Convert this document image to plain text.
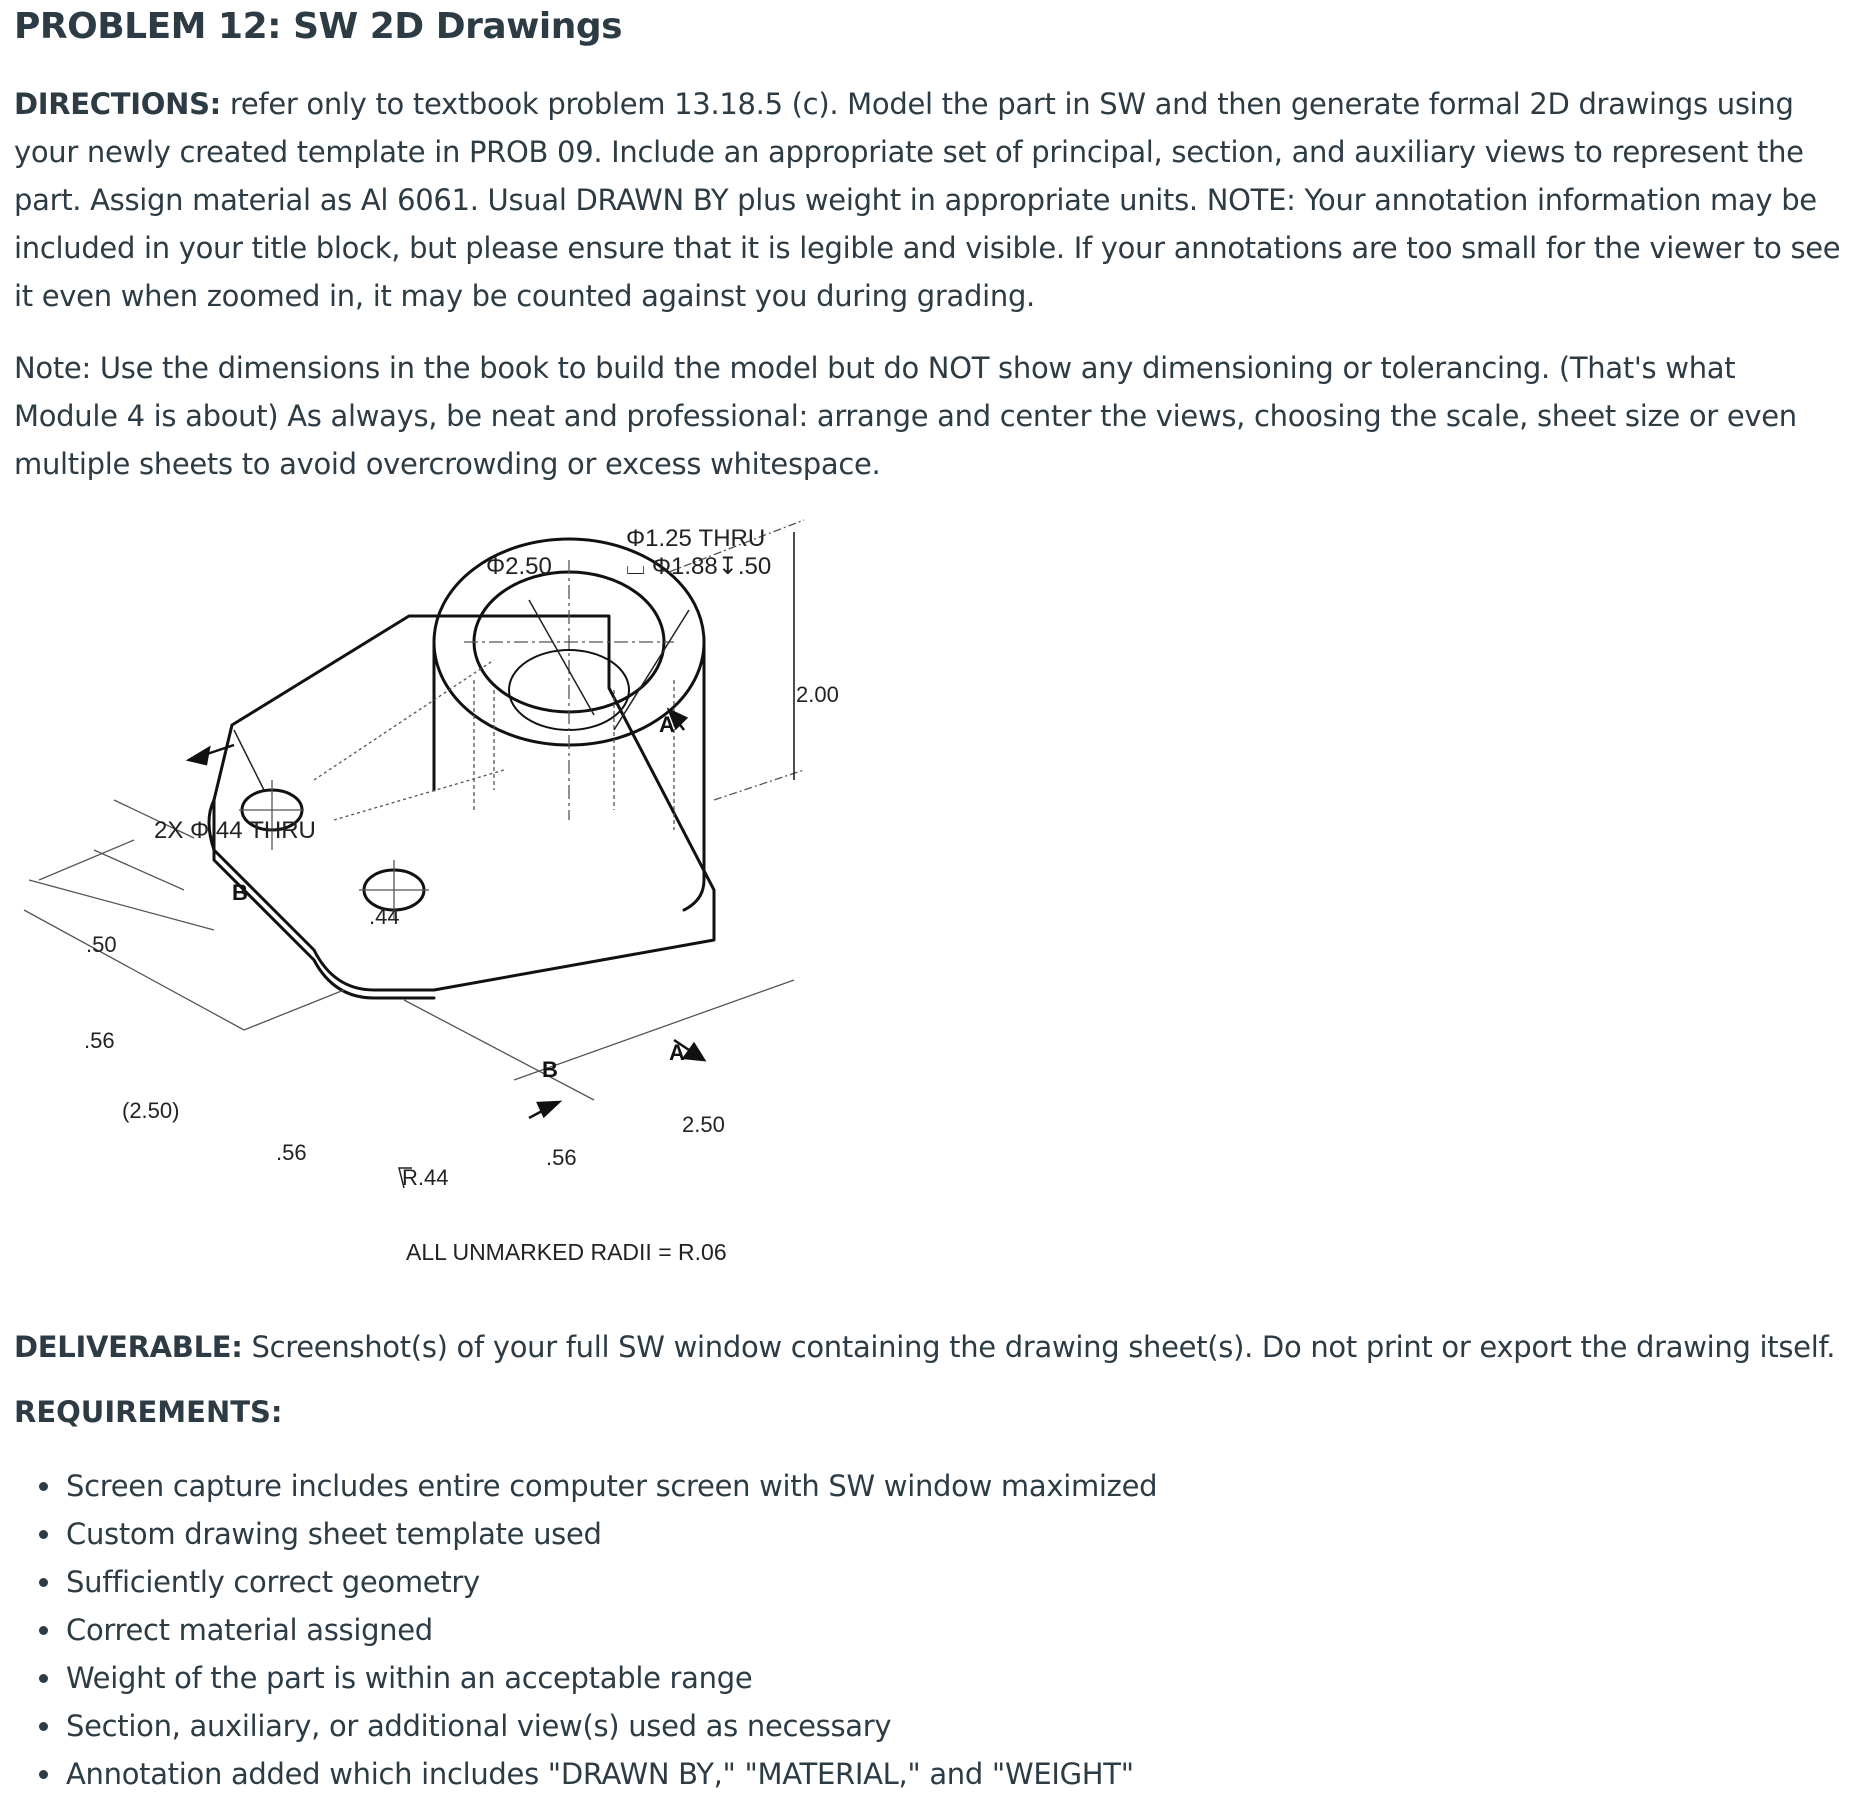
PROBLEM 12: SW 2D Drawings
DIRECTIONS: refer only to textbook problem 13.18.5 (c). Model the part in SW and then generate formal 2D drawings using your newly created template in PROB 09. Include an appropriate set of principal, section, and auxiliary views to represent the part. Assign material as Al 6061. Usual DRAWN BY plus weight in appropriate units. NOTE: Your annotation information may be included in your title block, but please ensure that it is legible and visible. If your annotations are too small for the viewer to see it even when zoomed in, it may be counted against you during grading.
Note: Use the dimensions in the book to build the model but do NOT show any dimensioning or tolerancing. (That's what Module 4 is about) As always, be neat and professional: arrange and center the views, choosing the scale, sheet size or even multiple sheets to avoid overcrowding or excess whitespace.
Φ1.25 THRU
⌴ Φ1.88↧.50
Φ2.50
2.00
2X Φ.44 THRU
B
A
.44
.50
.56	A
B
(2.50)
2.50
.56	.56
R.44
ALL UNMARKED RADII = R.06
DELIVERABLE: Screenshot(s) of your full SW window containing the drawing sheet(s). Do not print or export the drawing itself.
REQUIREMENTS:
• Screen capture includes entire computer screen with SW window maximized
• Custom drawing sheet template used
• Sufficiently correct geometry
• Correct material assigned
• Weight of the part is within an acceptable range
• Section, auxiliary, or additional view(s) used as necessary
• Annotation added which includes "DRAWN BY," "MATERIAL," and "WEIGHT"
